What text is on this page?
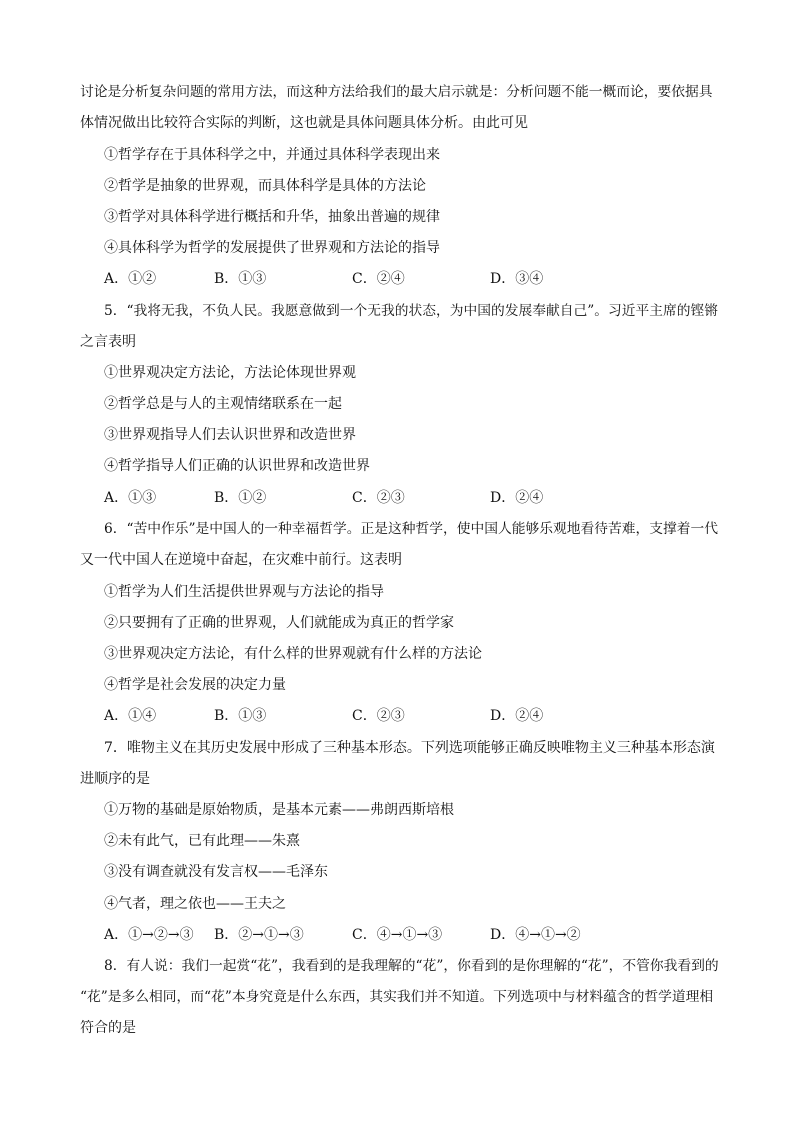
讨论是分析复杂问题的常用方法，而这种方法给我们的最大启示就是：分析问题不能一概而论，要依据具
体情况做出比较符合实际的判断，这也就是具体问题具体分析。由此可见
①哲学存在于具体科学之中，并通过具体科学表现出来
②哲学是抽象的世界观，而具体科学是具体的方法论
③哲学对具体科学进行概括和升华，抽象出普遍的规律
④具体科学为哲学的发展提供了世界观和方法论的指导
A．①②	B．①③	C．②④	D．③④
5．“我将无我，不负人民。我愿意做到一个无我的状态，为中国的发展奉献自己”。习近平主席的铿锵
之言表明
①世界观决定方法论，方法论体现世界观
②哲学总是与人的主观情绪联系在一起
③世界观指导人们去认识世界和改造世界
④哲学指导人们正确的认识世界和改造世界
A．①③	B．①②	C．②③	D．②④
6．“苦中作乐”是中国人的一种幸福哲学。正是这种哲学，使中国人能够乐观地看待苦难，支撑着一代
又一代中国人在逆境中奋起，在灾难中前行。这表明
①哲学为人们生活提供世界观与方法论的指导
②只要拥有了正确的世界观，人们就能成为真正的哲学家
③世界观决定方法论，有什么样的世界观就有什么样的方法论
④哲学是社会发展的决定力量
A．①④	B．①③	C．②③	D．②④
7．唯物主义在其历史发展中形成了三种基本形态。下列选项能够正确反映唯物主义三种基本形态演
进顺序的是
①万物的基础是原始物质，是基本元素——弗朗西斯培根
②未有此气，已有此理——朱熹
③没有调查就没有发言权——毛泽东
④气者，理之依也——王夫之
A．①→②→③ B．②→①→③	C．④→①→③	D．④→①→②
8．有人说：我们一起赏“花”，我看到的是我理解的“花”，你看到的是你理解的“花”，不管你我看到的
“花”是多么相同，而“花”本身究竟是什么东西，其实我们并不知道。下列选项中与材料蕴含的哲学道理相
符合的是
